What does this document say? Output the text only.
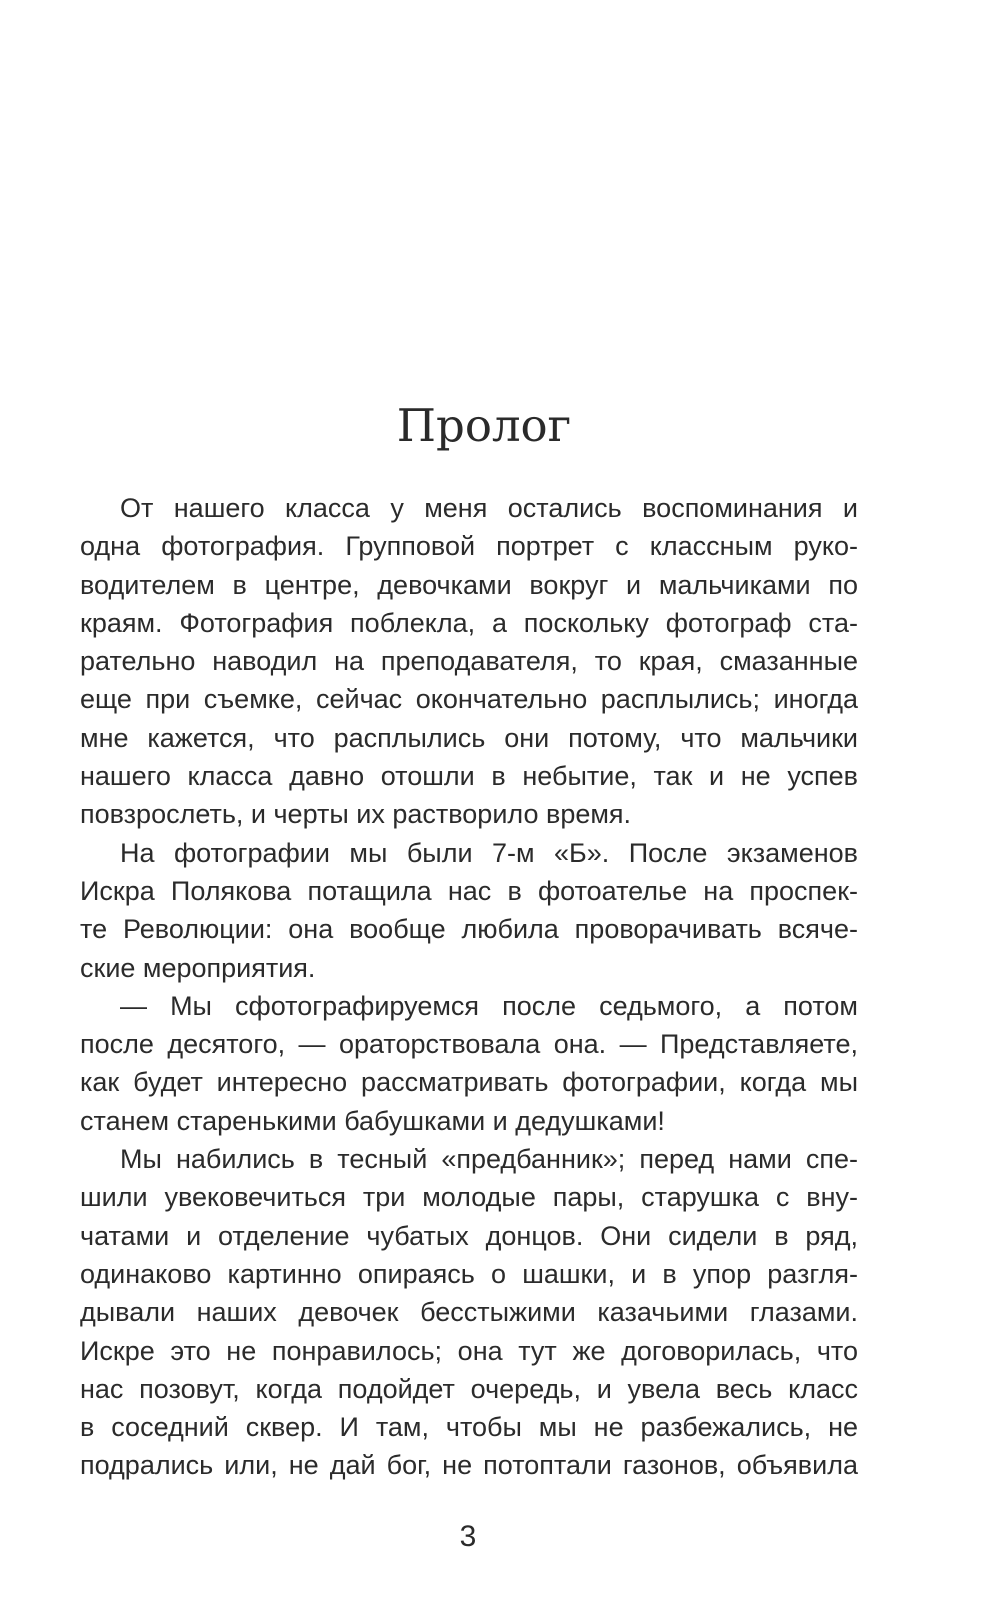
Пролог
От нашего класса у меня остались воспоминания и
одна фотография. Групповой портрет с классным руко-
водителем в центре, девочками вокруг и мальчиками по
краям. Фотография поблекла, а поскольку фотограф ста-
рательно наводил на преподавателя, то края, смазанные
еще при съемке, сейчас окончательно расплылись; иногда
мне кажется, что расплылись они потому, что мальчики
нашего класса давно отошли в небытие, так и не успев
повзрослеть, и черты их растворило время.
На фотографии мы были 7-м «Б». После экзаменов
Искра Полякова потащила нас в фотоателье на проспек-
те Революции: она вообще любила проворачивать всяче-
ские мероприятия.
— Мы сфотографируемся после седьмого, а потом
после десятого, — ораторствовала она. — Представляете,
как будет интересно рассматривать фотографии, когда мы
станем старенькими бабушками и дедушками!
Мы набились в тесный «предбанник»; перед нами спе-
шили увековечиться три молодые пары, старушка с вну-
чатами и отделение чубатых донцов. Они сидели в ряд,
одинаково картинно опираясь о шашки, и в упор разгля-
дывали наших девочек бесстыжими казачьими глазами.
Искре это не понравилось; она тут же договорилась, что
нас позовут, когда подойдет очередь, и увела весь класс
в соседний сквер. И там, чтобы мы не разбежались, не
подрались или, не дай бог, не потоптали газонов, объявила
3
